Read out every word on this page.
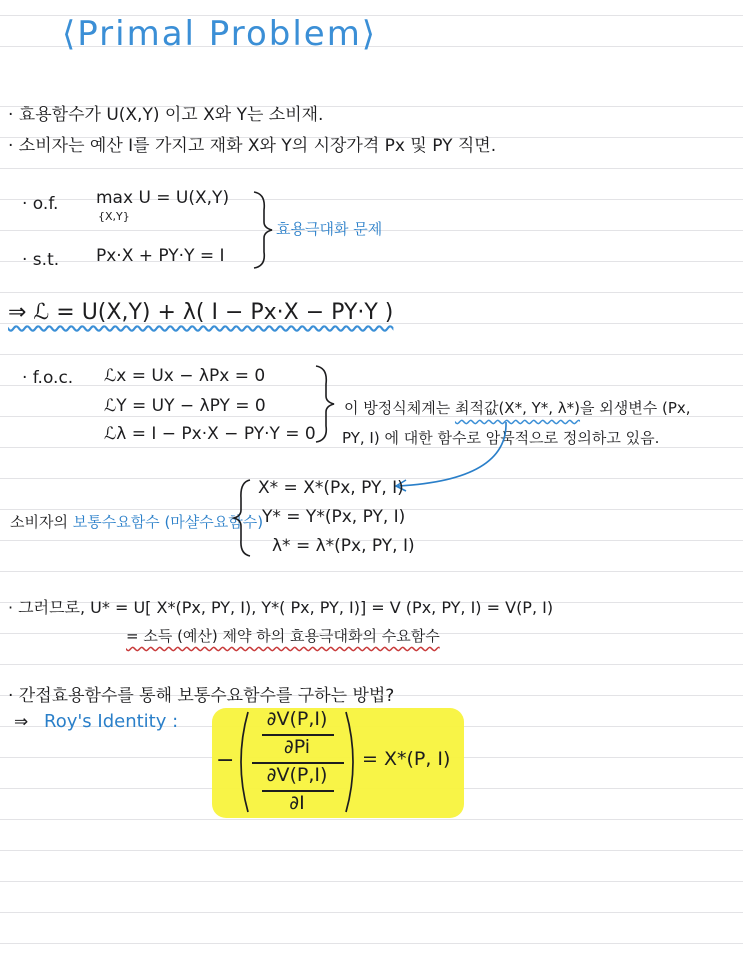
⟨Primal Problem⟩
· 효용함수가 U(X,Y) 이고 X와 Y는 소비재.
· 소비자는 예산 I를 가지고 재화 X와 Y의 시장가격 Px 및 PY 직면.
· o.f. max U = U(X,Y)
{X,Y}
· s.t. Px·X + PY·Y = I
효용극대화 문제
⇒ ℒ = U(X,Y) + λ( I − Px·X − PY·Y )
· f.o.c. ℒx = Ux − λPx = 0
ℒY = UY − λPY = 0
ℒλ = I − Px·X − PY·Y = 0
이 방정식체계는 최적값(X*, Y*, λ*)을 외생변수 (Px,
PY, I) 에 대한 함수로 암묵적으로 정의하고 있음.
소비자의 보통수요함수 (마샬수요함수)
X* = X*(Px, PY, I)
Y* = Y*(Px, PY, I)
λ* = λ*(Px, PY, I)
· 그러므로, U* = U[ X*(Px, PY, I), Y*( Px, PY, I)] = V (Px, PY, I) = V(P, I)
= 소득 (예산) 제약 하의 효용극대화의 수요함수
· 간접효용함수를 통해 보통수요함수를 구하는 방법?
⇒ Roy's Identity :
−
∂V(P,I)
∂Pi
∂V(P,I)
∂I
= X*(P, I)
